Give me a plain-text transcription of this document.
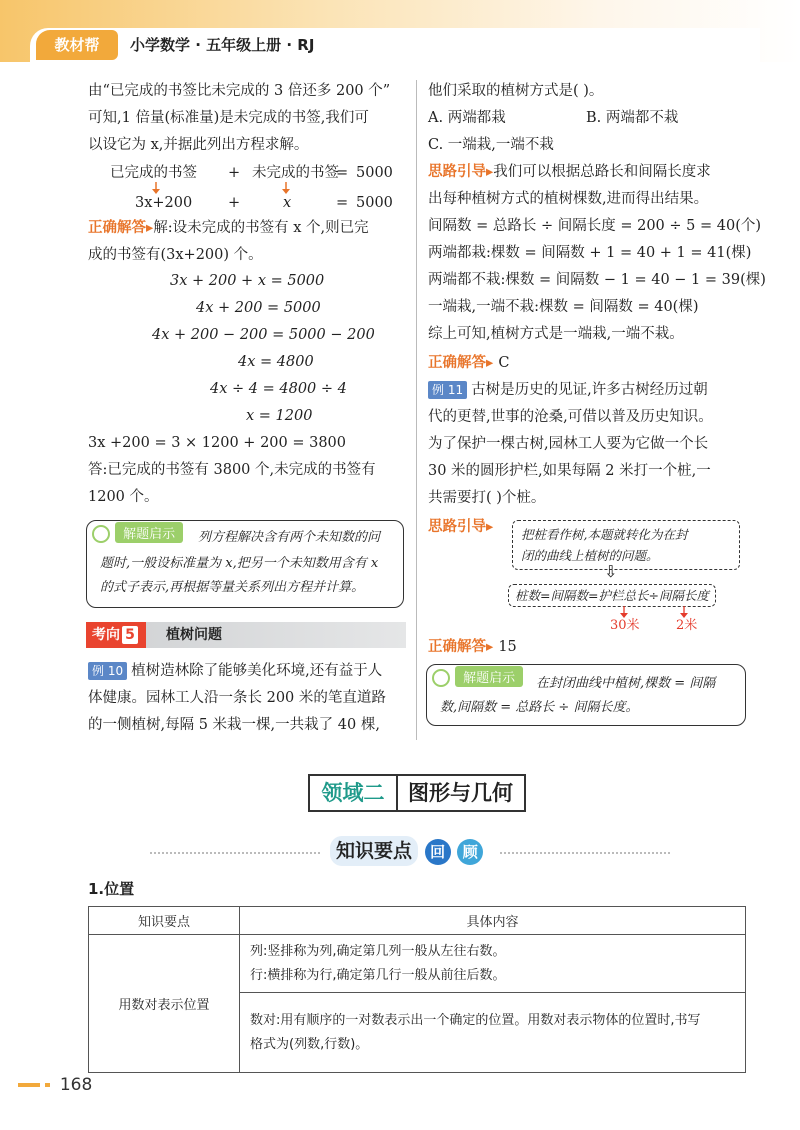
教材帮	小学数学 · 五年级上册 · RJ
由“已完成的书签比未完成的 3 倍还多 200 个”
可知,1 倍量(标准量)是未完成的书签,我们可
以设它为 x,并据此列出方程求解。
已完成的书签 + 未完成的书签
= 5000
3x+200 +	x	= 5000
正确解答▸解:设未完成的书签有 x 个,则已完
成的书签有(3x+200) 个。
3x + 200 + x = 5000
4x + 200 = 5000
4x + 200 − 200 = 5000 − 200
4x = 4800
4x ÷ 4 = 4800 ÷ 4
x = 1200
3x +200 = 3 × 1200 + 200 = 3800
答:已完成的书签有 3800 个,未完成的书签有
1200 个。
解题启示	列方程解决含有两个未知数的问
题时,一般设标准量为 x,把另一个未知数用含有 x
的式子表示,再根据等量关系列出方程并计算。
考向 5	植树问题
例 10 植树造林除了能够美化环境,还有益于人
体健康。园林工人沿一条长 200 米的笔直道路
的一侧植树,每隔 5 米栽一棵,一共栽了 40 棵,
他们采取的植树方式是( )。
A. 两端都栽	B. 两端都不栽
C. 一端栽,一端不栽
思路引导▸我们可以根据总路长和间隔长度求
出每种植树方式的植树棵数,进而得出结果。
间隔数 = 总路长 ÷ 间隔长度 = 200 ÷ 5 = 40(个)
两端都栽:棵数 = 间隔数 + 1 = 40 + 1 = 41(棵)
两端都不栽:棵数 = 间隔数 − 1 = 40 − 1 = 39(棵)
一端栽,一端不栽:棵数 = 间隔数 = 40(棵)
综上可知,植树方式是一端栽,一端不栽。
正确解答▸ C
例 11 古树是历史的见证,许多古树经历过朝
代的更替,世事的沧桑,可借以普及历史知识。
为了保护一棵古树,园林工人要为它做一个长
30 米的圆形护栏,如果每隔 2 米打一个桩,一
共需要打( )个桩。
思路引导▸ 把桩看作树,本题就转化为在封
闭的曲线上植树的问题。
⇩
桩数=间隔数=护栏总长÷间隔长度
30米	2米
正确解答▸ 15
解题启示	在封闭曲线中植树,棵数 = 间隔
数,间隔数 = 总路长 ÷ 间隔长度。
领域二	图形与几何
知识要点 回 顾
1.位置
知识要点	具体内容
用数对表示位置	列:竖排称为列,确定第几列一般从左往右数。
行:横排称为行,确定第几行一般从前往后数。

	数对:用有顺序的一对数表示出一个确定的位置。用数对表示物体的位置时,书写
格式为(列数,行数)。
168
